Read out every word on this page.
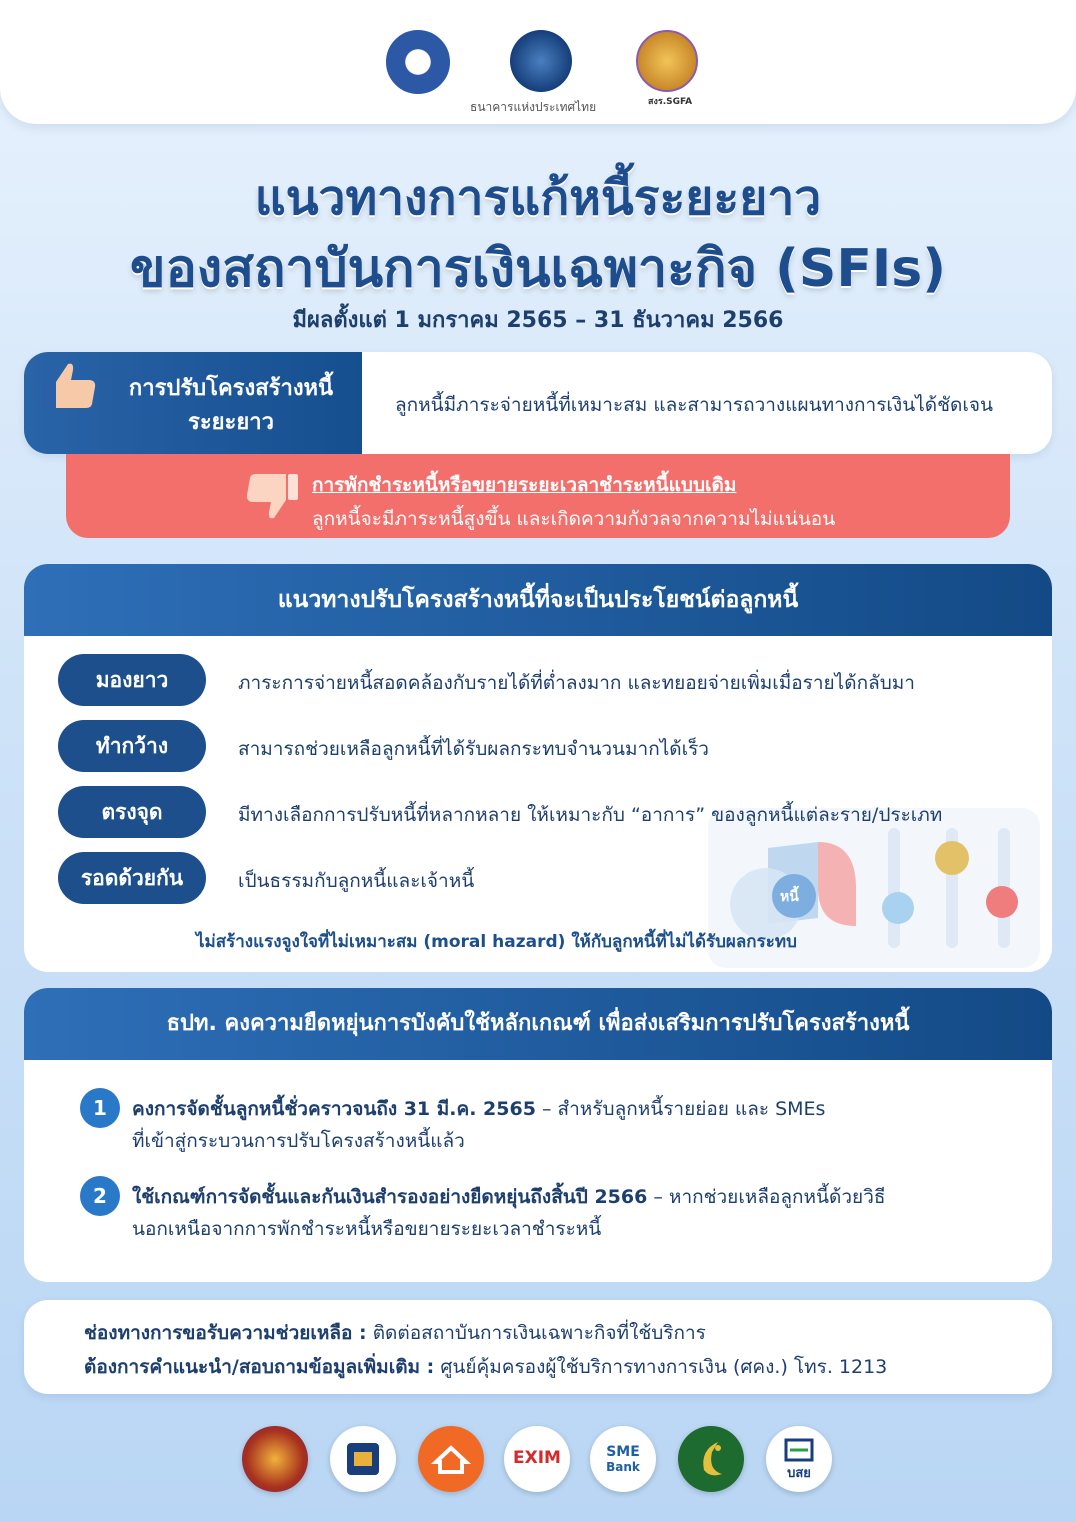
ธนาคารแห่งประเทศไทย	สงร.SGFA
แนวทางการแก้หนี้ระยะยาว
ของสถาบันการเงินเฉพาะกิจ (SFIs)
มีผลตั้งแต่ 1 มกราคม 2565 – 31 ธันวาคม 2566
การปรับโครงสร้างหนี้
ระยะยาว
ลูกหนี้มีภาระจ่ายหนี้ที่เหมาะสม และสามารถวางแผนทางการเงินได้ชัดเจน
การพักชำระหนี้หรือขยายระยะเวลาชำระหนี้แบบเดิม
ลูกหนี้จะมีภาระหนี้สูงขึ้น และเกิดความกังวลจากความไม่แน่นอน
แนวทางปรับโครงสร้างหนี้ที่จะเป็นประโยชน์ต่อลูกหนี้
หนี้
มองยาว	ภาระการจ่ายหนี้สอดคล้องกับรายได้ที่ต่ำลงมาก และทยอยจ่ายเพิ่มเมื่อรายได้กลับมา
ทำกว้าง	สามารถช่วยเหลือลูกหนี้ที่ได้รับผลกระทบจำนวนมากได้เร็ว
ตรงจุด	มีทางเลือกการปรับหนี้ที่หลากหลาย ให้เหมาะกับ “อาการ” ของลูกหนี้แต่ละราย/ประเภท
รอดด้วยกัน	เป็นธรรมกับลูกหนี้และเจ้าหนี้
ไม่สร้างแรงจูงใจที่ไม่เหมาะสม (moral hazard) ให้กับลูกหนี้ที่ไม่ได้รับผลกระทบ
ธปท. คงความยืดหยุ่นการบังคับใช้หลักเกณฑ์ เพื่อส่งเสริมการปรับโครงสร้างหนี้
1	คงการจัดชั้นลูกหนี้ชั่วคราวจนถึง 31 มี.ค. 2565 – สำหรับลูกหนี้รายย่อย และ SMEs
ที่เข้าสู่กระบวนการปรับโครงสร้างหนี้แล้ว
2	ใช้เกณฑ์การจัดชั้นและกันเงินสำรองอย่างยืดหยุ่นถึงสิ้นปี 2566 – หากช่วยเหลือลูกหนี้ด้วยวิธี
นอกเหนือจากการพักชำระหนี้หรือขยายระยะเวลาชำระหนี้
ช่องทางการขอรับความช่วยเหลือ : ติดต่อสถาบันการเงินเฉพาะกิจที่ใช้บริการ
ต้องการคำแนะนำ/สอบถามข้อมูลเพิ่มเติม : ศูนย์คุ้มครองผู้ใช้บริการทางการเงิน (ศคง.) โทร. 1213
EXIM	SME
Bank	บสย
